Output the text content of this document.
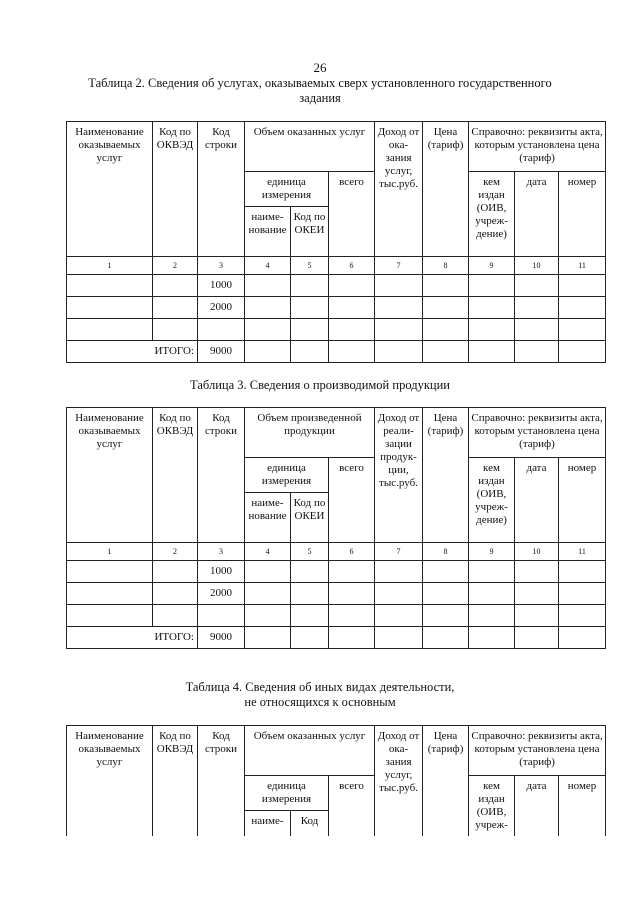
26
Таблица 2. Сведения об услугах, оказываемых сверх установленного государственного
задания
Наименование оказываемых услуг	Код по ОКВЭД	Код строки	Объем оказанных услуг			Доход от ока-зания услуг, тыс.руб.	Цена (тариф)	Справочно: реквизиты акта, которым установлена цена (тариф)		
			единица измерения		всего			кем издан (ОИВ, учреж-дение)	дата	номер
			наиме-нование	Код по ОКЕИ						
1	2	3	4	5	6	7	8	9	10	11
		1000								
		2000								

ИТОГО:		9000								
Таблица 3. Сведения о производимой продукции
Наименование оказываемых услуг	Код по ОКВЭД	Код строки	Объем произведенной продукции			Доход от реали-зации продук-ции, тыс.руб.	Цена (тариф)	Справочно: реквизиты акта, которым установлена цена (тариф)		
			единица измерения		всего			кем издан (ОИВ, учреж-дение)	дата	номер
			наиме-нование	Код по ОКЕИ						
1	2	3	4	5	6	7	8	9	10	11
		1000								
		2000								

ИТОГО:		9000								
Таблица 4. Сведения об иных видах деятельности,
не относящихся к основным
Наименование оказываемых услуг	Код по ОКВЭД	Код строки	Объем оказанных услуг			Доход от ока-зания услуг, тыс.руб.	Цена (тариф)	Справочно: реквизиты акта, которым установлена цена (тариф)		
			единица измерения		всего			кем издан (ОИВ, учреж-	дата	номер
			наиме-	Код						
